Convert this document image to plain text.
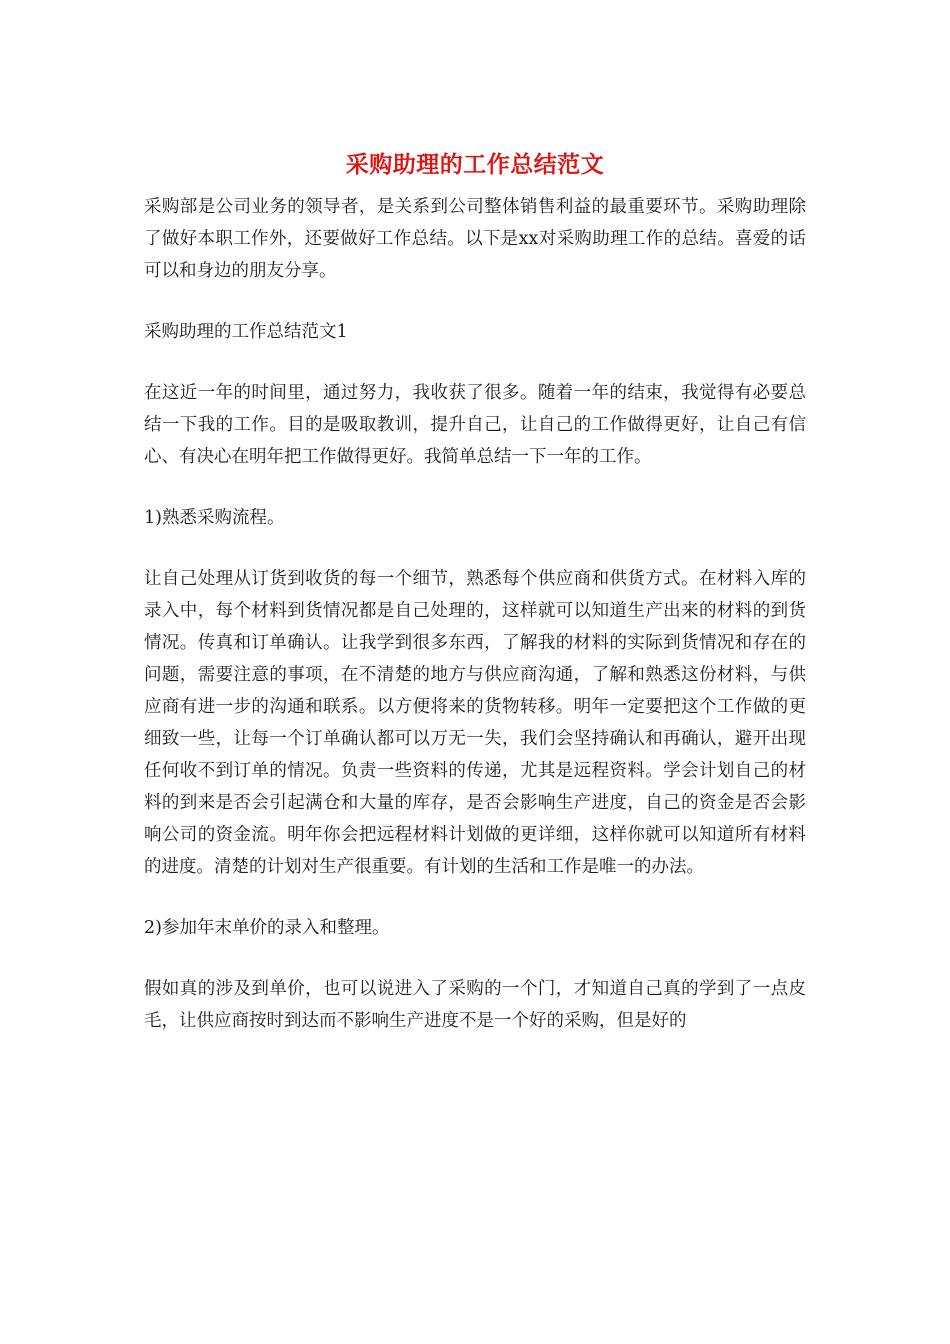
采购助理的工作总结范文

采购部是公司业务的领导者，是关系到公司整体销售利益的最重要环节。采购助理除了做好本职工作外，还要做好工作总结。以下是xx对采购助理工作的总结。喜爱的话可以和身边的朋友分享。

采购助理的工作总结范文1

在这近一年的时间里，通过努力，我收获了很多。随着一年的结束，我觉得有必要总结一下我的工作。目的是吸取教训，提升自己，让自己的工作做得更好，让自己有信心、有决心在明年把工作做得更好。我简单总结一下一年的工作。

1)熟悉采购流程。

让自己处理从订货到收货的每一个细节，熟悉每个供应商和供货方式。在材料入库的录入中，每个材料到货情况都是自己处理的，这样就可以知道生产出来的材料的到货情况。传真和订单确认。让我学到很多东西，了解我的材料的实际到货情况和存在的问题，需要注意的事项，在不清楚的地方与供应商沟通，了解和熟悉这份材料，与供应商有进一步的沟通和联系。以方便将来的货物转移。明年一定要把这个工作做的更细致一些，让每一个订单确认都可以万无一失，我们会坚持确认和再确认，避开出现任何收不到订单的情况。负责一些资料的传递，尤其是远程资料。学会计划自己的材料的到来是否会引起满仓和大量的库存，是否会影响生产进度，自己的资金是否会影响公司的资金流。明年你会把远程材料计划做的更详细，这样你就可以知道所有材料的进度。清楚的计划对生产很重要。有计划的生活和工作是唯一的办法。

2)参加年末单价的录入和整理。

假如真的涉及到单价，也可以说进入了采购的一个门，才知道自己真的学到了一点皮毛，让供应商按时到达而不影响生产进度不是一个好的采购，但是好的
